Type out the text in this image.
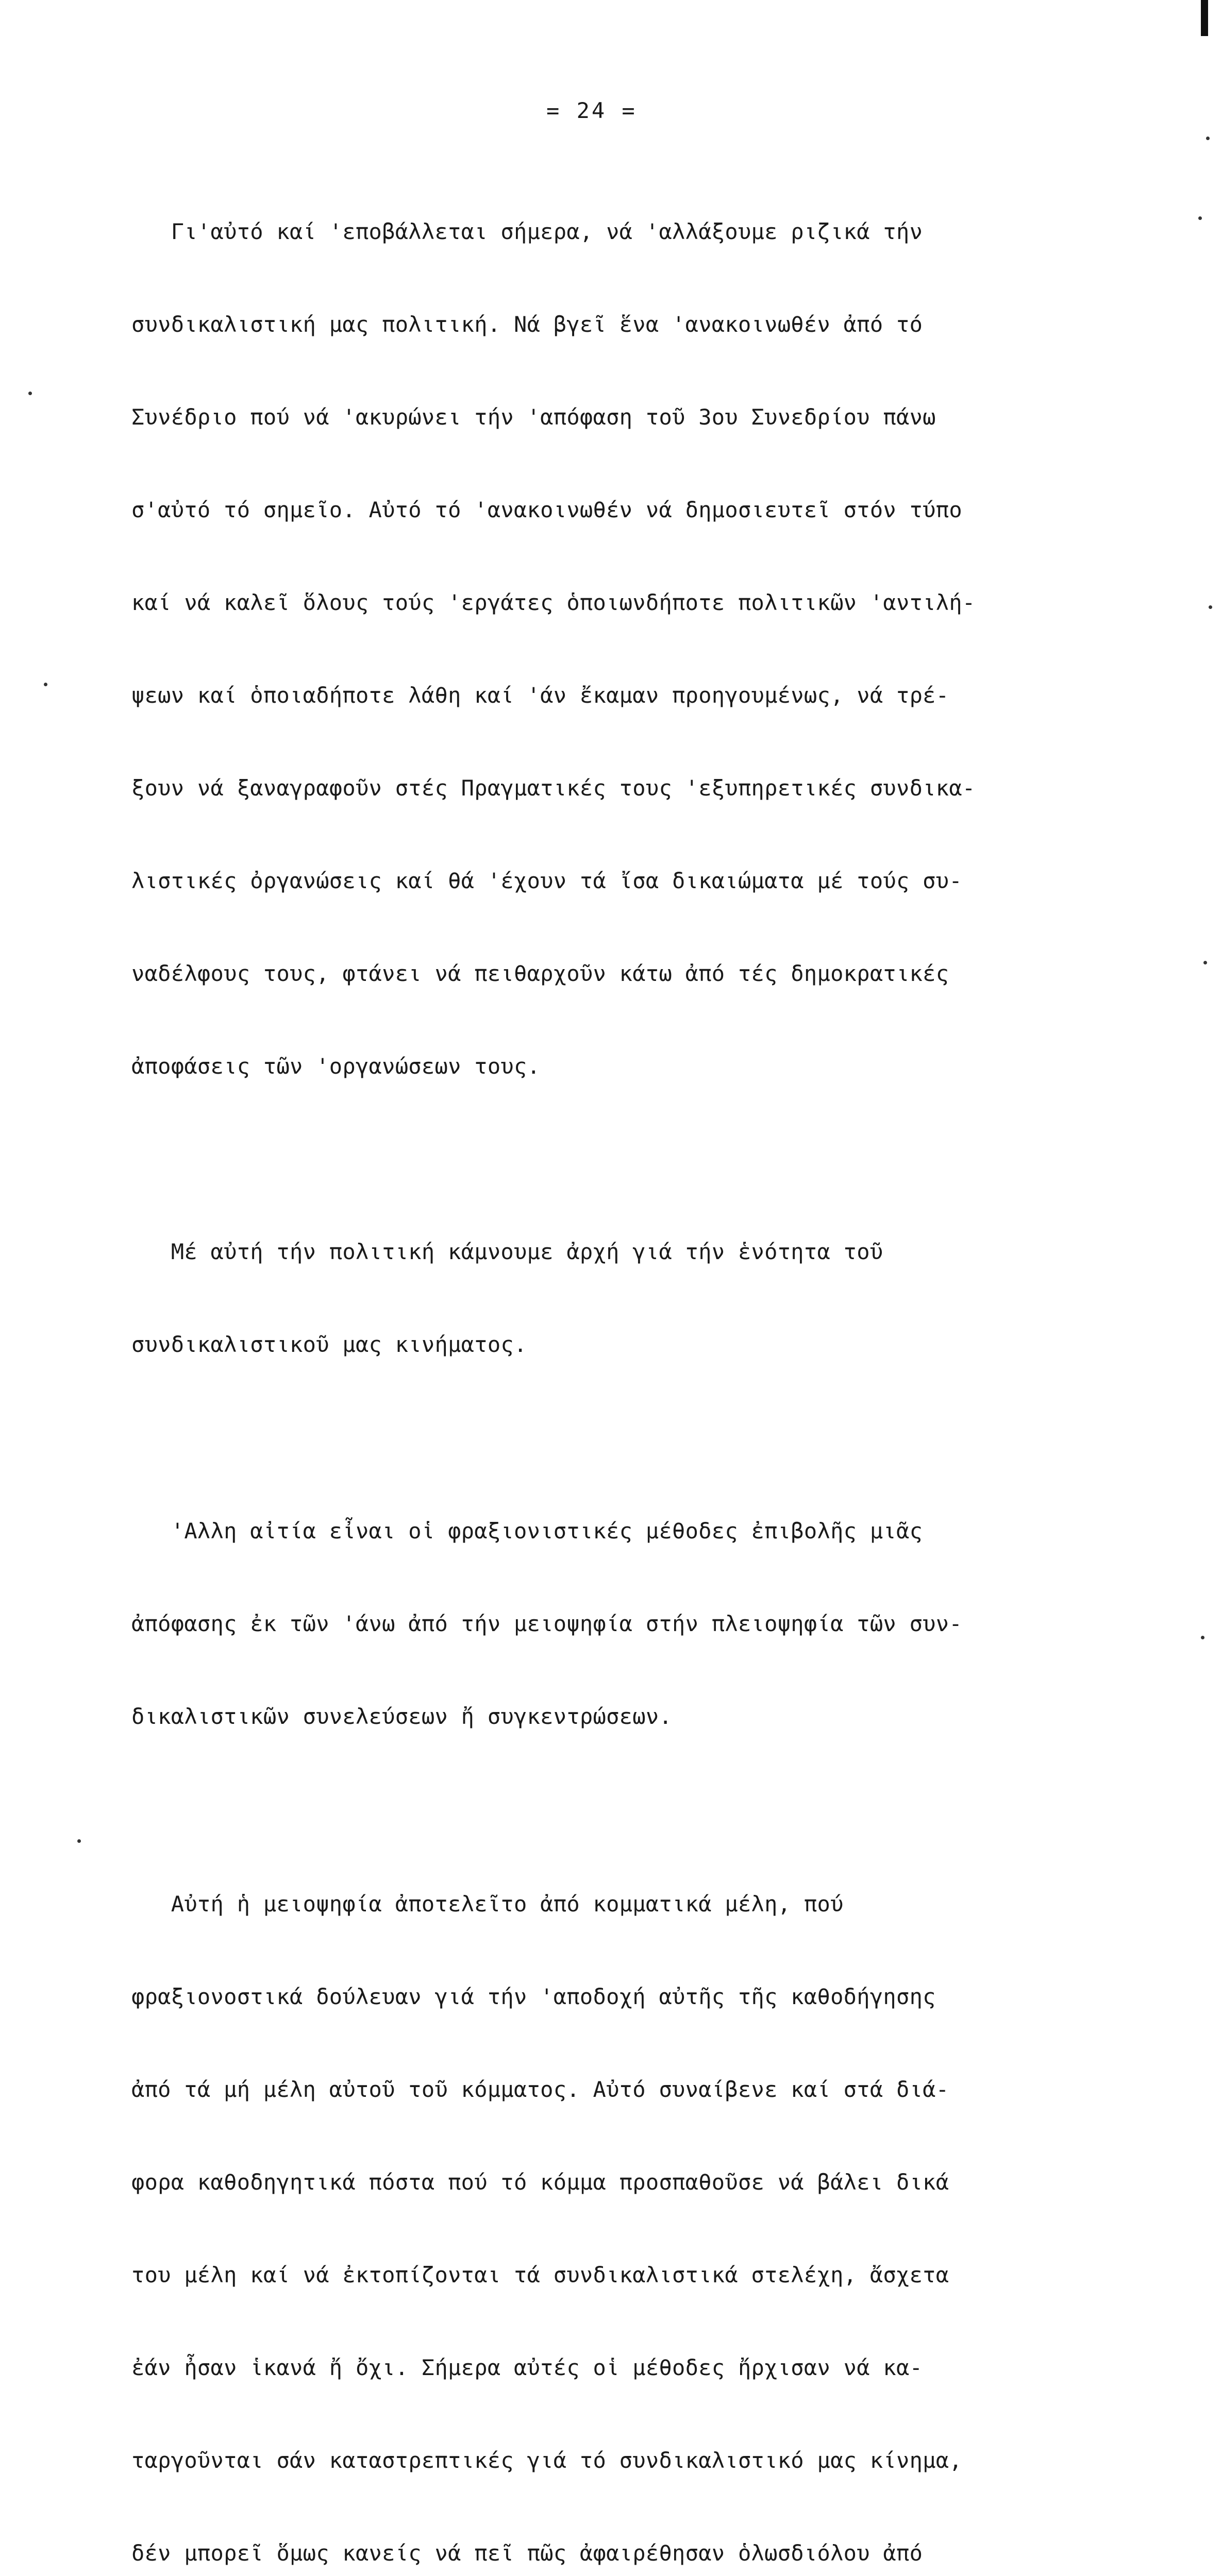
= 24 =

Γι'αὐτό καί 'εποβάλλεται σήμερα, νά 'αλλάξουμε ριζικά τήν

συνδικαλιστική μας πολιτική. Νά βγεῖ ἕνα 'ανακοινωθέν ἀπό τό

Συνέδριο πού νά 'ακυρώνει τήν 'απόφαση τοῦ 3ου Συνεδρίου πάνω

σ'αὐτό τό σημεῖο. Αὐτό τό 'ανακοινωθέν νά δημοσιευτεῖ στόν τύπο

καί νά καλεῖ ὅλους τούς 'εργάτες ὁποιωνδήποτε πολιτικῶν 'αντιλή-

ψεων καί ὁποιαδήποτε λάθη καί 'άν ἔκαμαν προηγουμένως, νά τρέ-

ξουν νά ξαναγραφοῦν στές Πραγματικές τους 'εξυπηρετικές συνδικα-

λιστικές ὀργανώσεις καί θά 'έχουν τά ἴσα δικαιώματα μέ τούς συ-

ναδέλφους τους, φτάνει νά πειθαρχοῦν κάτω ἀπό τές δημοκρατικές

ἀποφάσεις τῶν 'οργανώσεων τους.

Μέ αὐτή τήν πολιτική κάμνουμε ἀρχή γιά τήν ἑνότητα τοῦ

συνδικαλιστικοῦ μας κινήματος.

'Αλλη αἰτία εἶναι οἱ φραξιονιστικές μέθοδες ἐπιβολῆς μιᾶς

ἀπόφασης ἐκ τῶν 'άνω ἀπό τήν μειοψηφία στήν πλειοψηφία τῶν συν-

δικαλιστικῶν συνελεύσεων ἤ συγκεντρώσεων.

Αὐτή ἡ μειοψηφία ἀποτελεῖτο ἀπό κομματικά μέλη, πού

φραξιονοστικά δούλευαν γιά τήν 'αποδοχή αὐτῆς τῆς καθοδήγησης

ἀπό τά μή μέλη αὐτοῦ τοῦ κόμματος. Αὐτό συναίβενε καί στά διά-

φορα καθοδηγητικά πόστα πού τό κόμμα προσπαθοῦσε νά βάλει δικά

του μέλη καί νά ἐκτοπίζονται τά συνδικαλιστικά στελέχη, ἄσχετα

ἐάν ἦσαν ἱκανά ἤ ὄχι. Σήμερα αὐτές οἱ μέθοδες ἤρχισαν νά κα-

ταργοῦνται σάν καταστρεπτικές γιά τό συνδικαλιστικό μας κίνημα,

δέν μπορεῖ ὅμως κανείς νά πεῖ πῶς ἀφαιρέθησαν ὁλωσδιόλου ἀπό
